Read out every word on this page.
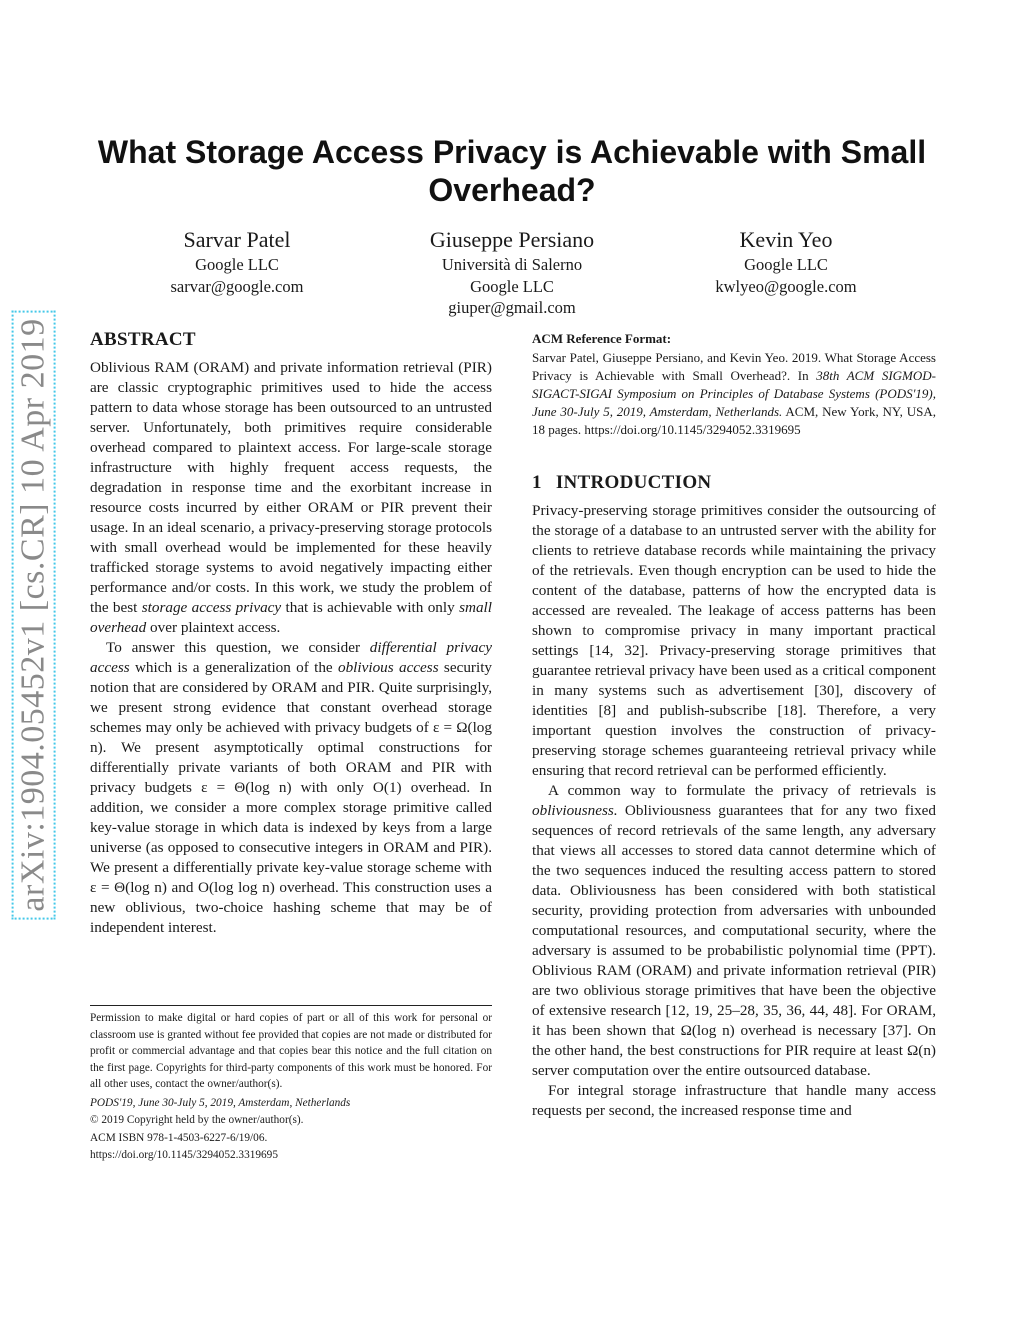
arXiv:1904.05452v1 [cs.CR] 10 Apr 2019
What Storage Access Privacy is Achievable with Small Overhead?
Sarvar Patel
Google LLC
sarvar@google.com
Giuseppe Persiano
Università di Salerno
Google LLC
giuper@gmail.com
Kevin Yeo
Google LLC
kwlyeo@google.com
ABSTRACT

Oblivious RAM (ORAM) and private information retrieval (PIR) are classic cryptographic primitives used to hide the access pattern to data whose storage has been outsourced to an untrusted server. Unfortunately, both primitives require considerable overhead compared to plaintext access. For large-scale storage infrastructure with highly frequent access requests, the degradation in response time and the exorbitant increase in resource costs incurred by either ORAM or PIR prevent their usage. In an ideal scenario, a privacy-preserving storage protocols with small overhead would be implemented for these heavily trafficked storage systems to avoid negatively impacting either performance and/or costs. In this work, we study the problem of the best storage access privacy that is achievable with only small overhead over plaintext access.

To answer this question, we consider differential privacy access which is a generalization of the oblivious access security notion that are considered by ORAM and PIR. Quite surprisingly, we present strong evidence that constant overhead storage schemes may only be achieved with privacy budgets of ε = Ω(log n). We present asymptotically optimal constructions for differentially private variants of both ORAM and PIR with privacy budgets ε = Θ(log n) with only O(1) overhead. In addition, we consider a more complex storage primitive called key-value storage in which data is indexed by keys from a large universe (as opposed to consecutive integers in ORAM and PIR). We present a differentially private key-value storage scheme with ε = Θ(log n) and O(log log n) overhead. This construction uses a new oblivious, two-choice hashing scheme that may be of independent interest.

Permission to make digital or hard copies of part or all of this work for personal or classroom use is granted without fee provided that copies are not made or distributed for profit or commercial advantage and that copies bear this notice and the full citation on the first page. Copyrights for third-party components of this work must be honored. For all other uses, contact the owner/author(s).
PODS'19, June 30-July 5, 2019, Amsterdam, Netherlands
© 2019 Copyright held by the owner/author(s).
ACM ISBN 978-1-4503-6227-6/19/06.
https://doi.org/10.1145/3294052.3319695
ACM Reference Format:
Sarvar Patel, Giuseppe Persiano, and Kevin Yeo. 2019. What Storage Access Privacy is Achievable with Small Overhead?. In 38th ACM SIGMOD-SIGACT-SIGAI Symposium on Principles of Database Systems (PODS'19), June 30-July 5, 2019, Amsterdam, Netherlands. ACM, New York, NY, USA, 18 pages. https://doi.org/10.1145/3294052.3319695
1 INTRODUCTION

Privacy-preserving storage primitives consider the outsourcing of the storage of a database to an untrusted server with the ability for clients to retrieve database records while maintaining the privacy of the retrievals. Even though encryption can be used to hide the content of the database, patterns of how the encrypted data is accessed are revealed. The leakage of access patterns has been shown to compromise privacy in many important practical settings [14, 32]. Privacy-preserving storage primitives that guarantee retrieval privacy have been used as a critical component in many systems such as advertisement [30], discovery of identities [8] and publish-subscribe [18]. Therefore, a very important question involves the construction of privacy-preserving storage schemes guaranteeing retrieval privacy while ensuring that record retrieval can be performed efficiently.

A common way to formulate the privacy of retrievals is obliviousness. Obliviousness guarantees that for any two fixed sequences of record retrievals of the same length, any adversary that views all accesses to stored data cannot determine which of the two sequences induced the resulting access pattern to stored data. Obliviousness has been considered with both statistical security, providing protection from adversaries with unbounded computational resources, and computational security, where the adversary is assumed to be probabilistic polynomial time (PPT). Oblivious RAM (ORAM) and private information retrieval (PIR) are two oblivious storage primitives that have been the objective of extensive research [12, 19, 25–28, 35, 36, 44, 48]. For ORAM, it has been shown that Ω(log n) overhead is necessary [37]. On the other hand, the best constructions for PIR require at least Ω(n) server computation over the entire outsourced database.

For integral storage infrastructure that handle many access requests per second, the increased response time and
